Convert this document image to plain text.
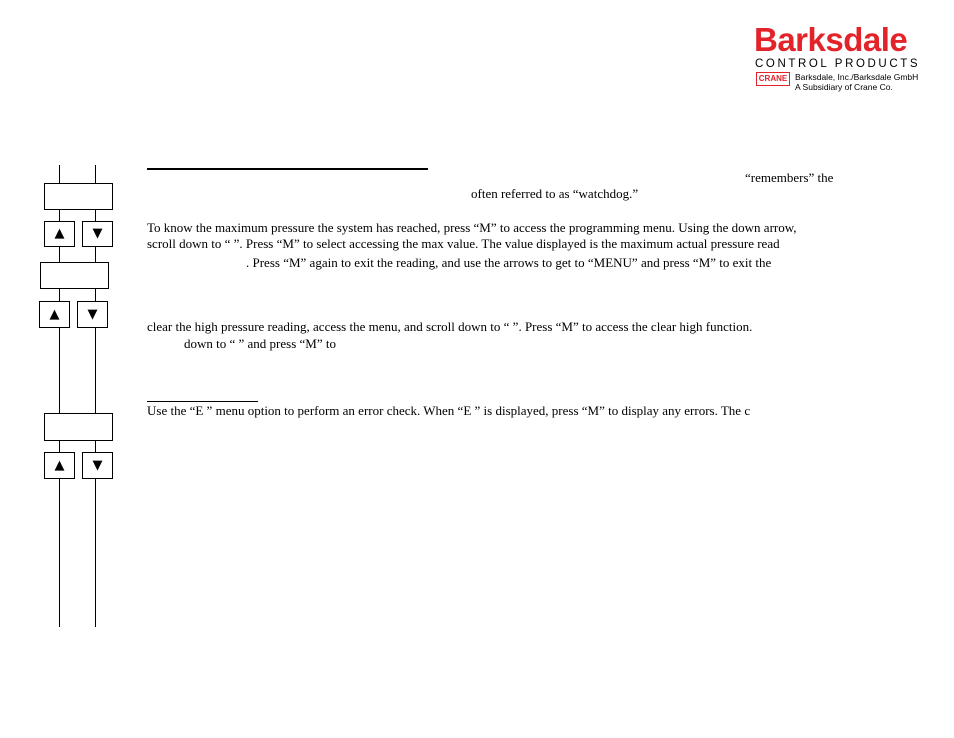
Barksdale
CONTROL PRODUCTS
CRANE Barksdale, Inc./Barksdale GmbH
A Subsidiary of Crane Co.
▲	▼
▲	▼
▲	▼
“remembers” the
often referred to as “watchdog.”
To know the maximum pressure the system has reached, press “M” to access the programming menu. Using the down arrow,
scroll down to “ ”. Press “M” to select accessing the max value. The value displayed is the maximum actual pressure read
. Press “M” again to exit the reading, and use the arrows to get to “MENU” and press “M” to exit the
clear the high pressure reading, access the menu, and scroll down to “ ”. Press “M” to access the clear high function.
down to “ ” and press “M” to
Use the “E ” menu option to perform an error check. When “E ” is displayed, press “M” to display any errors. The c
